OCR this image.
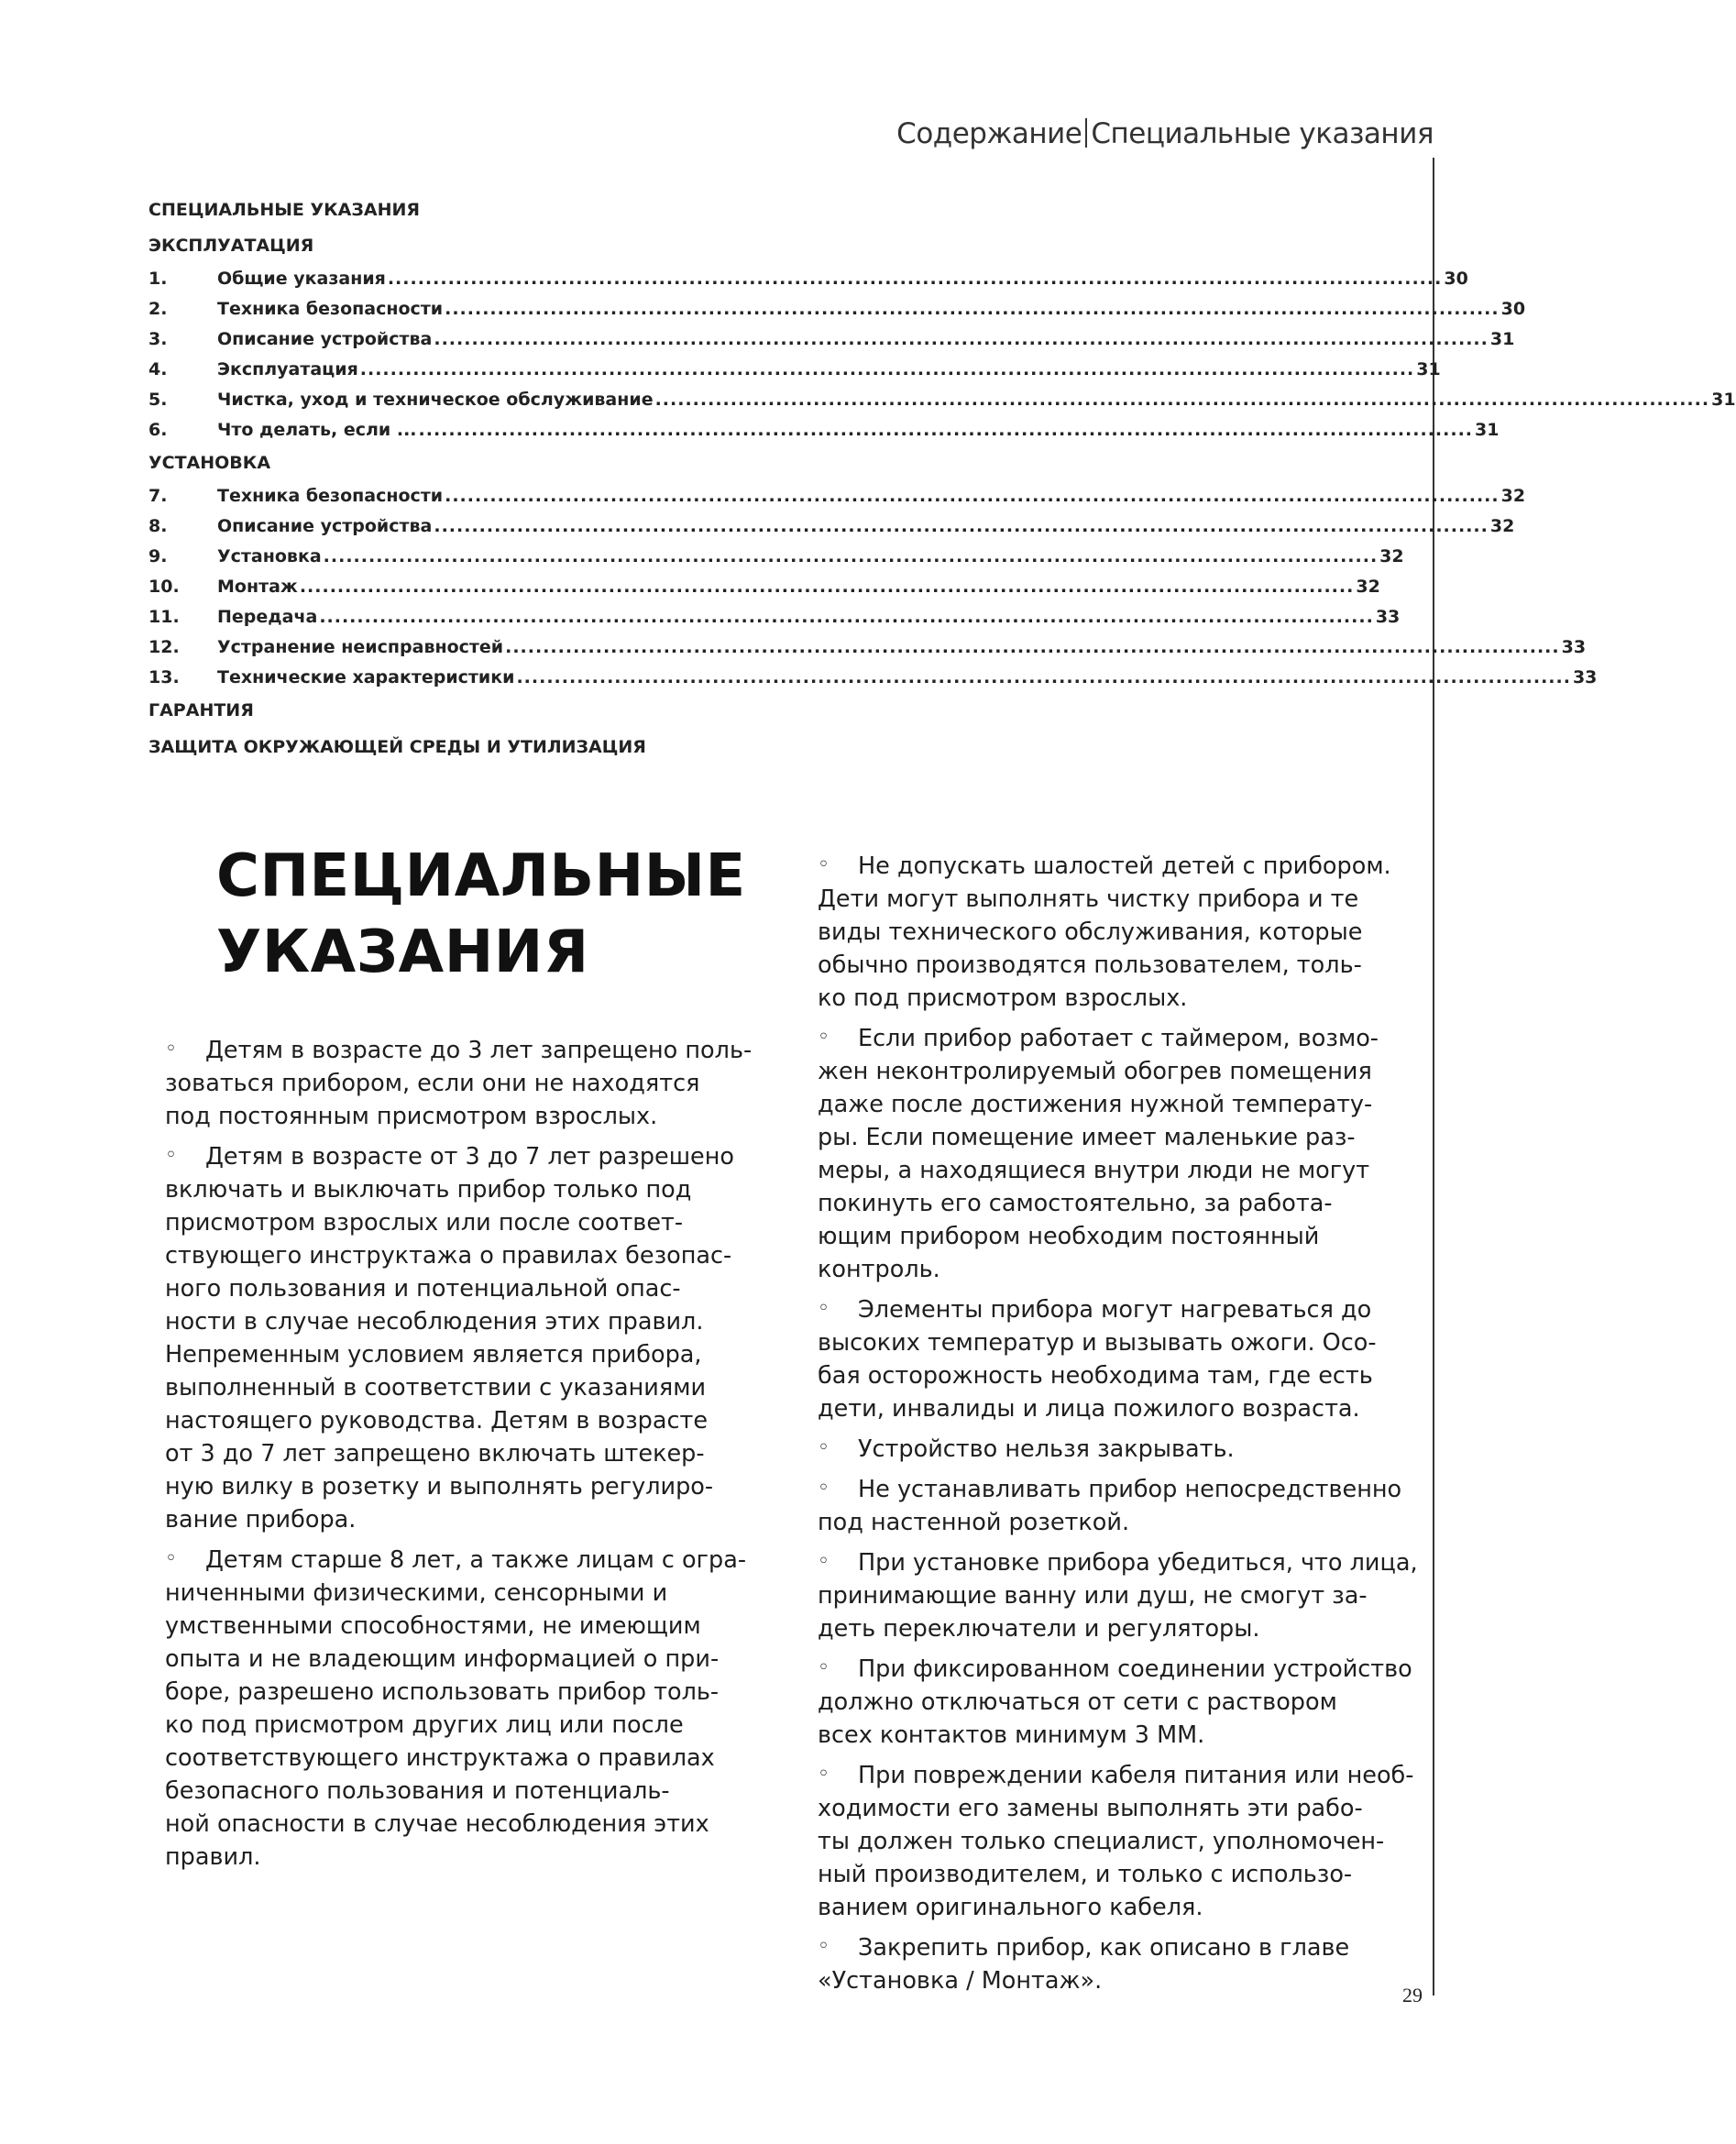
Содержание Специальные указания
СПЕЦИАЛЬНЫЕ УКАЗАНИЯ
ЭКСПЛУАТАЦИЯ
1.	Общие указания ............................................................................................................................................ 30
2.	Техника безопасности ............................................................................................................................................ 30
3.	Описание устройства ............................................................................................................................................ 31
4.	Эксплуатация ............................................................................................................................................ 31
5.	Чистка, уход и техническое обслуживание ............................................................................................................................................ 31
6.	Что делать, если ... ............................................................................................................................................ 31
УСТАНОВКА
7.	Техника безопасности ............................................................................................................................................ 32
8.	Описание устройства ............................................................................................................................................ 32
9.	Установка ............................................................................................................................................ 32
10.	Монтаж ............................................................................................................................................ 32
11.	Передача ............................................................................................................................................ 33
12.	Устранение неисправностей ............................................................................................................................................ 33
13.	Технические характеристики ............................................................................................................................................ 33
ГАРАНТИЯ
ЗАЩИТА ОКРУЖАЮЩЕЙ СРЕДЫ И УТИЛИЗАЦИЯ
СПЕЦИАЛЬНЫЕ
УКАЗАНИЯ
◦	Детям в возрасте до 3 лет запрещено поль-
зоваться прибором, если они не находятся
под постоянным присмотром взрослых.
◦	Детям в возрасте от 3 до 7 лет разрешено
включать и выключать прибор только под
присмотром взрослых или после соответ-
ствующего инструктажа о правилах безопас-
ного пользования и потенциальной опас-
ности в случае несоблюдения этих правил.
Непременным условием является прибора,
выполненный в соответствии с указаниями
настоящего руководства. Детям в возрасте
от 3 до 7 лет запрещено включать штекер-
ную вилку в розетку и выполнять регулиро-
вание прибора.
◦	Детям старше 8 лет, а также лицам с огра-
ниченными физическими, сенсорными и
умственными способностями, не имеющим
опыта и не владеющим информацией о при-
боре, разрешено использовать прибор толь-
ко под присмотром других лиц или после
соответствующего инструктажа о правилах
безопасного пользования и потенциаль-
ной опасности в случае несоблюдения этих
правил.
◦	Не допускать шалостей детей с прибором.
Дети могут выполнять чистку прибора и те
виды технического обслуживания, которые
обычно производятся пользователем, толь-
ко под присмотром взрослых.
◦	Если прибор работает с таймером, возмо-
жен неконтролируемый обогрев помещения
даже после достижения нужной температу-
ры. Если помещение имеет маленькие раз-
меры, а находящиеся внутри люди не могут
покинуть его самостоятельно, за работа-
ющим прибором необходим постоянный
контроль.
◦	Элементы прибора могут нагреваться до
высоких температур и вызывать ожоги. Осо-
бая осторожность необходима там, где есть
дети, инвалиды и лица пожилого возраста.
◦	Устройство нельзя закрывать.
◦	Не устанавливать прибор непосредственно
под настенной розеткой.
◦	При установке прибора убедиться, что лица,
принимающие ванну или душ, не смогут за-
деть переключатели и регуляторы.
◦	При фиксированном соединении устройство
должно отключаться от сети с раствором
всех контактов минимум 3 ММ.
◦	При повреждении кабеля питания или необ-
ходимости его замены выполнять эти рабо-
ты должен только специалист, уполномочен-
ный производителем, и только с использо-
ванием оригинального кабеля.
◦	Закрепить прибор, как описано в главе
«Установка / Монтаж».
29
